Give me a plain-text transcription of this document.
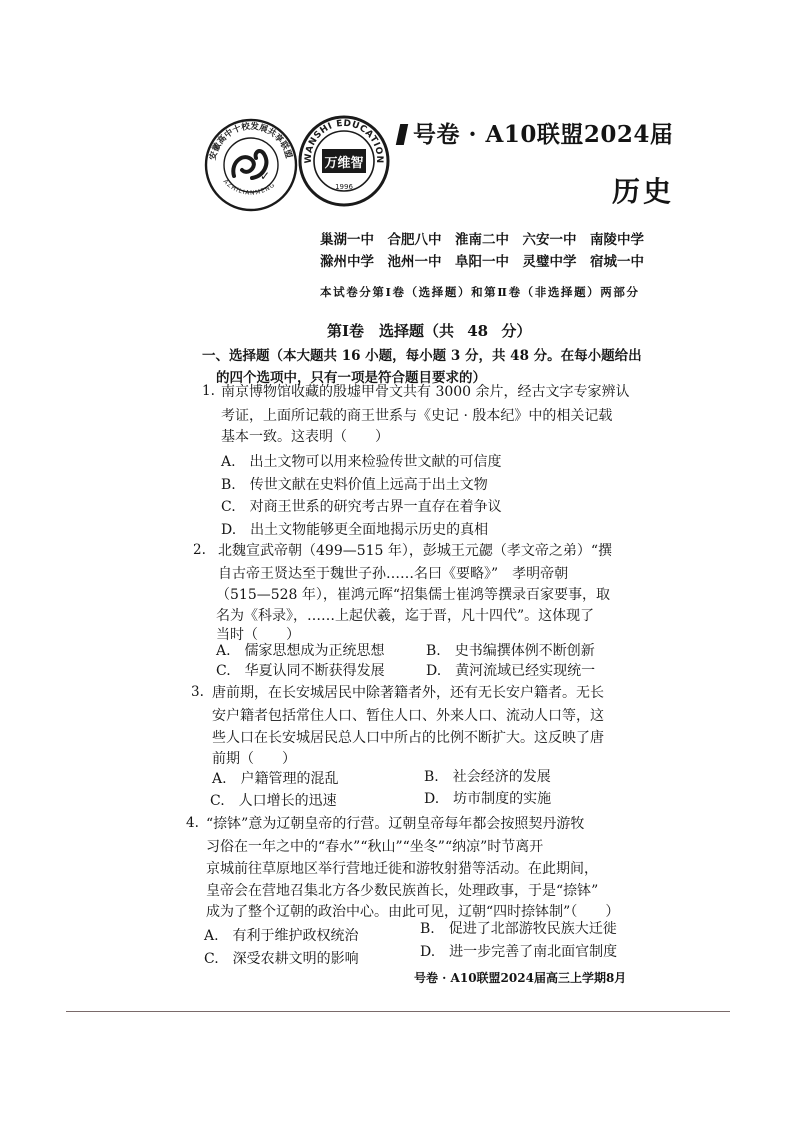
安徽高中十校发展共享联盟
AZHILIANMENG
✓
WANSHI EDUCATION
万维智
1996
号卷 · A10联盟2024届
历史
巢湖一中　合肥八中　淮南二中　六安一中　南陵中学
滁州中学　池州一中　阜阳一中　灵璧中学　宿城一中
本试卷分第Ⅰ卷（选择题）和第Ⅱ卷（非选择题）两部分
第Ⅰ卷　选择题（共 48 分）
一、选择题（本大题共 16 小题，每小题 3 分，共 48 分。在每小题给出
的四个选项中，只有一项是符合题目要求的）
1. 南京博物馆收藏的殷墟甲骨文共有 3000 余片，经古文字专家辨认
考证，上面所记载的商王世系与《史记 · 殷本纪》中的相关记载
基本一致。这表明（　　）
A.　出土文物可以用来检验传世文献的可信度
B.　传世文献在史料价值上远高于出土文物
C.　对商王世系的研究考古界一直存在着争议
D.　出土文物能够更全面地揭示历史的真相
2. 北魏宣武帝朝（499—515 年），彭城王元勰（孝文帝之弟）“撰
自古帝王贤达至于魏世子孙……名曰《要略》”　孝明帝朝
（515—528 年），崔鸿元晖“招集儒士崔鸿等撰录百家要事，取
名为《科录》，……上起伏羲，迄于晋，凡十四代”。这体现了
当时（　　）
A.　儒家思想成为正统思想	B.　史书编撰体例不断创新
C.　华夏认同不断获得发展	D.　黄河流域已经实现统一
3. 唐前期，在长安城居民中除著籍者外，还有无长安户籍者。无长
安户籍者包括常住人口、暂住人口、外来人口、流动人口等，这
些人口在长安城居民总人口中所占的比例不断扩大。这反映了唐
前期（　　）
A.　户籍管理的混乱	B.　社会经济的发展
C.　人口增长的迅速	D.　坊市制度的实施
4. “捺钵”意为辽朝皇帝的行营。辽朝皇帝每年都会按照契丹游牧
习俗在一年之中的“春水”“秋山”“坐冬”“纳凉”时节离开
京城前往草原地区举行营地迁徙和游牧射猎等活动。在此期间，
皇帝会在营地召集北方各少数民族酋长，处理政事，于是“捺钵”
成为了整个辽朝的政治中心。由此可见，辽朝“四时捺钵制”（　　）
A.　有利于维护政权统治	B.　促进了北部游牧民族大迁徙
C.　深受农耕文明的影响	D.　进一步完善了南北面官制度
号卷 · A10联盟2024届高三上学期8月
